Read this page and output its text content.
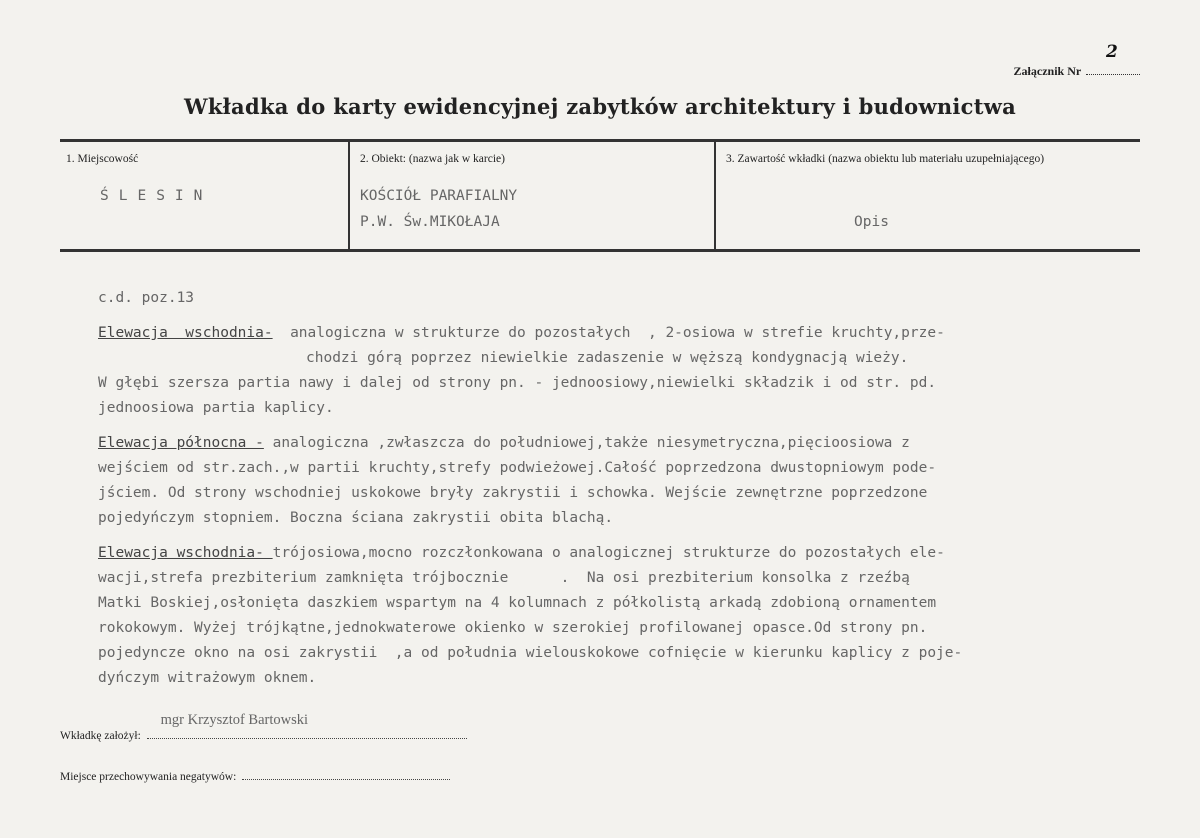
Załącznik Nr
2
Wkładka do karty ewidencyjnej zabytków architektury i budownictwa
1. Miejscowość
ŚLESIN
2. Obiekt: (nazwa jak w karcie)
KOŚCIÓŁ PARAFIALNY
P.W. Św.MIKOŁAJA
3. Zawartość wkładki (nazwa obiektu lub materiału uzupełniającego)
Opis
c.d. poz.13
Elewacja  wschodnia-  analogiczna w strukturze do pozostałych  , 2-osiowa w strefie kruchty,prze-
chodzi górą poprzez niewielkie zadaszenie w węższą kondygnacją wieży.
W głębi szersza partia nawy i dalej od strony pn. - jednoosiowy,niewielki składzik i od str. pd.
jednoosiowa partia kaplicy.
Elewacja północna - analogiczna ,zwłaszcza do południowej,także niesymetryczna,pięcioosiowa z
wejściem od str.zach.,w partii kruchty,strefy podwieżowej.Całość poprzedzona dwustopniowym pode-
jściem. Od strony wschodniej uskokowe bryły zakrystii i schowka. Wejście zewnętrzne poprzedzone
pojedyńczym stopniem. Boczna ściana zakrystii obita blachą.
Elewacja wschodnia- trójosiowa,mocno rozczłonkowana o analogicznej strukturze do pozostałych ele-
wacji,strefa prezbiterium zamknięta trójbocznie      .  Na osi prezbiterium konsolka z rzeźbą
Matki Boskiej,osłonięta daszkiem wspartym na 4 kolumnach z półkolistą arkadą zdobioną ornamentem
rokokowym. Wyżej trójkątne,jednokwaterowe okienko w szerokiej profilowanej opasce.Od strony pn.
pojedyncze okno na osi zakrystii  ,a od południa wielouskokowe cofnięcie w kierunku kaplicy z poje-
dyńczym witrażowym oknem.
Wkładkę założył:
mgr Krzysztof Bartowski
Miejsce przechowywania negatywów:
